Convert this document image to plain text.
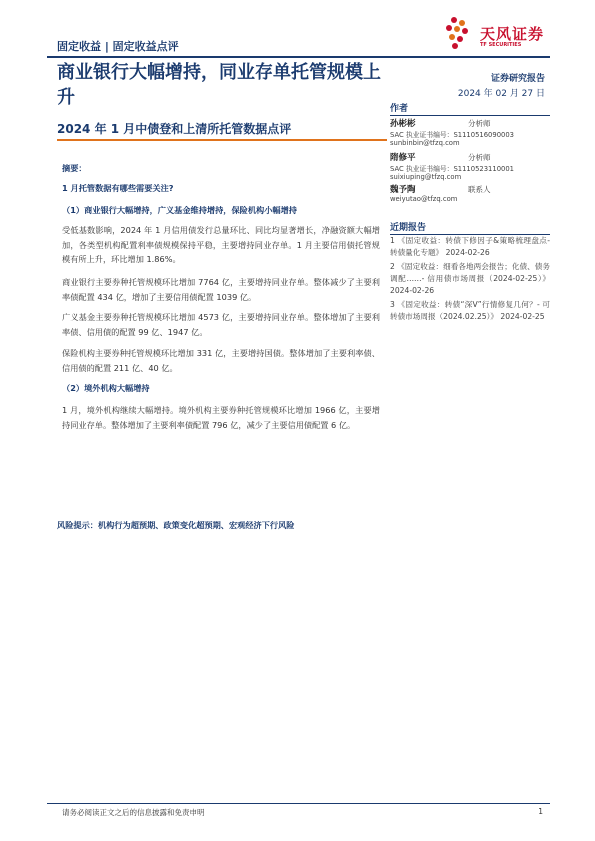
固定收益 | 固定收益点评
天风证券
TF SECURITIES
商业银行大幅增持，同业存单托管规模上升
2024 年 1 月中债登和上清所托管数据点评
证券研究报告
2024 年 02 月 27 日
作者
孙彬彬	分析师
SAC 执业证书编号：S1110516090003
sunbinbin@tfzq.com
隋修平	分析师
SAC 执业证书编号：S1110523110001
suixiuping@tfzq.com
魏予陶	联系人
weiyutao@tfzq.com
近期报告
1 《固定收益：转债下修因子&策略梳理盘点-转债量化专题》 2024-02-26
2 《固定收益：细看各地两会报告；化债、债务调配……- 信用债市场周报（2024-02-25）》 2024-02-26
3 《固定收益：转债“深V”行情修复几何？- 可转债市场周报（2024.02.25）》 2024-02-25
摘要：
1 月托管数据有哪些需要关注?
（1）商业银行大幅增持，广义基金维持增持，保险机构小幅增持
受低基数影响，2024 年 1 月信用债发行总量环比、同比均显著增长，净融资额大幅增加，各类型机构配置利率债规模保持平稳，主要增持同业存单。1 月主要信用债托管规模有所上升，环比增加 1.86%。
商业银行主要券种托管规模环比增加 7764 亿，主要增持同业存单。整体减少了主要利率债配置 434 亿，增加了主要信用债配置 1039 亿。
广义基金主要券种托管规模环比增加 4573 亿，主要增持同业存单。整体增加了主要利率债、信用债的配置 99 亿、1947 亿。
保险机构主要券种托管规模环比增加 331 亿，主要增持国债。整体增加了主要利率债、信用债的配置 211 亿、40 亿。
（2）境外机构大幅增持
1 月，境外机构继续大幅增持。境外机构主要券种托管规模环比增加 1966 亿，主要增持同业存单。整体增加了主要利率债配置 796 亿，减少了主要信用债配置 6 亿。
风险提示：机构行为超预期、政策变化超预期、宏观经济下行风险
请务必阅读正文之后的信息披露和免责申明	1
